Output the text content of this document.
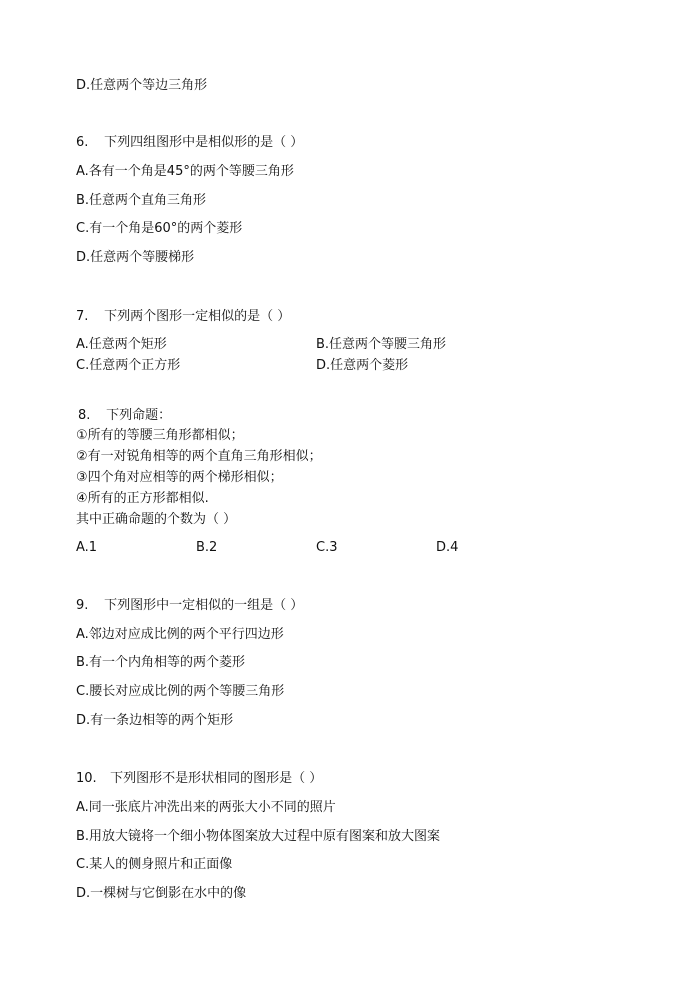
D.任意两个等边三角形
6. 下列四组图形中是相似形的是（ ）
A.各有一个角是45°的两个等腰三角形
B.任意两个直角三角形
C.有一个角是60°的两个菱形
D.任意两个等腰梯形
7. 下列两个图形一定相似的是（ ）
A.任意两个矩形	B.任意两个等腰三角形
C.任意两个正方形	D.任意两个菱形
8. 下列命题：
①所有的等腰三角形都相似；
②有一对锐角相等的两个直角三角形相似；
③四个角对应相等的两个梯形相似；
④所有的正方形都相似.
其中正确命题的个数为（ ）
A.1	B.2	C.3	D.4
9. 下列图形中一定相似的一组是（ ）
A.邻边对应成比例的两个平行四边形
B.有一个内角相等的两个菱形
C.腰长对应成比例的两个等腰三角形
D.有一条边相等的两个矩形
10. 下列图形不是形状相同的图形是（ ）
A.同一张底片冲洗出来的两张大小不同的照片
B.用放大镜将一个细小物体图案放大过程中原有图案和放大图案
C.某人的侧身照片和正面像
D.一棵树与它倒影在水中的像
